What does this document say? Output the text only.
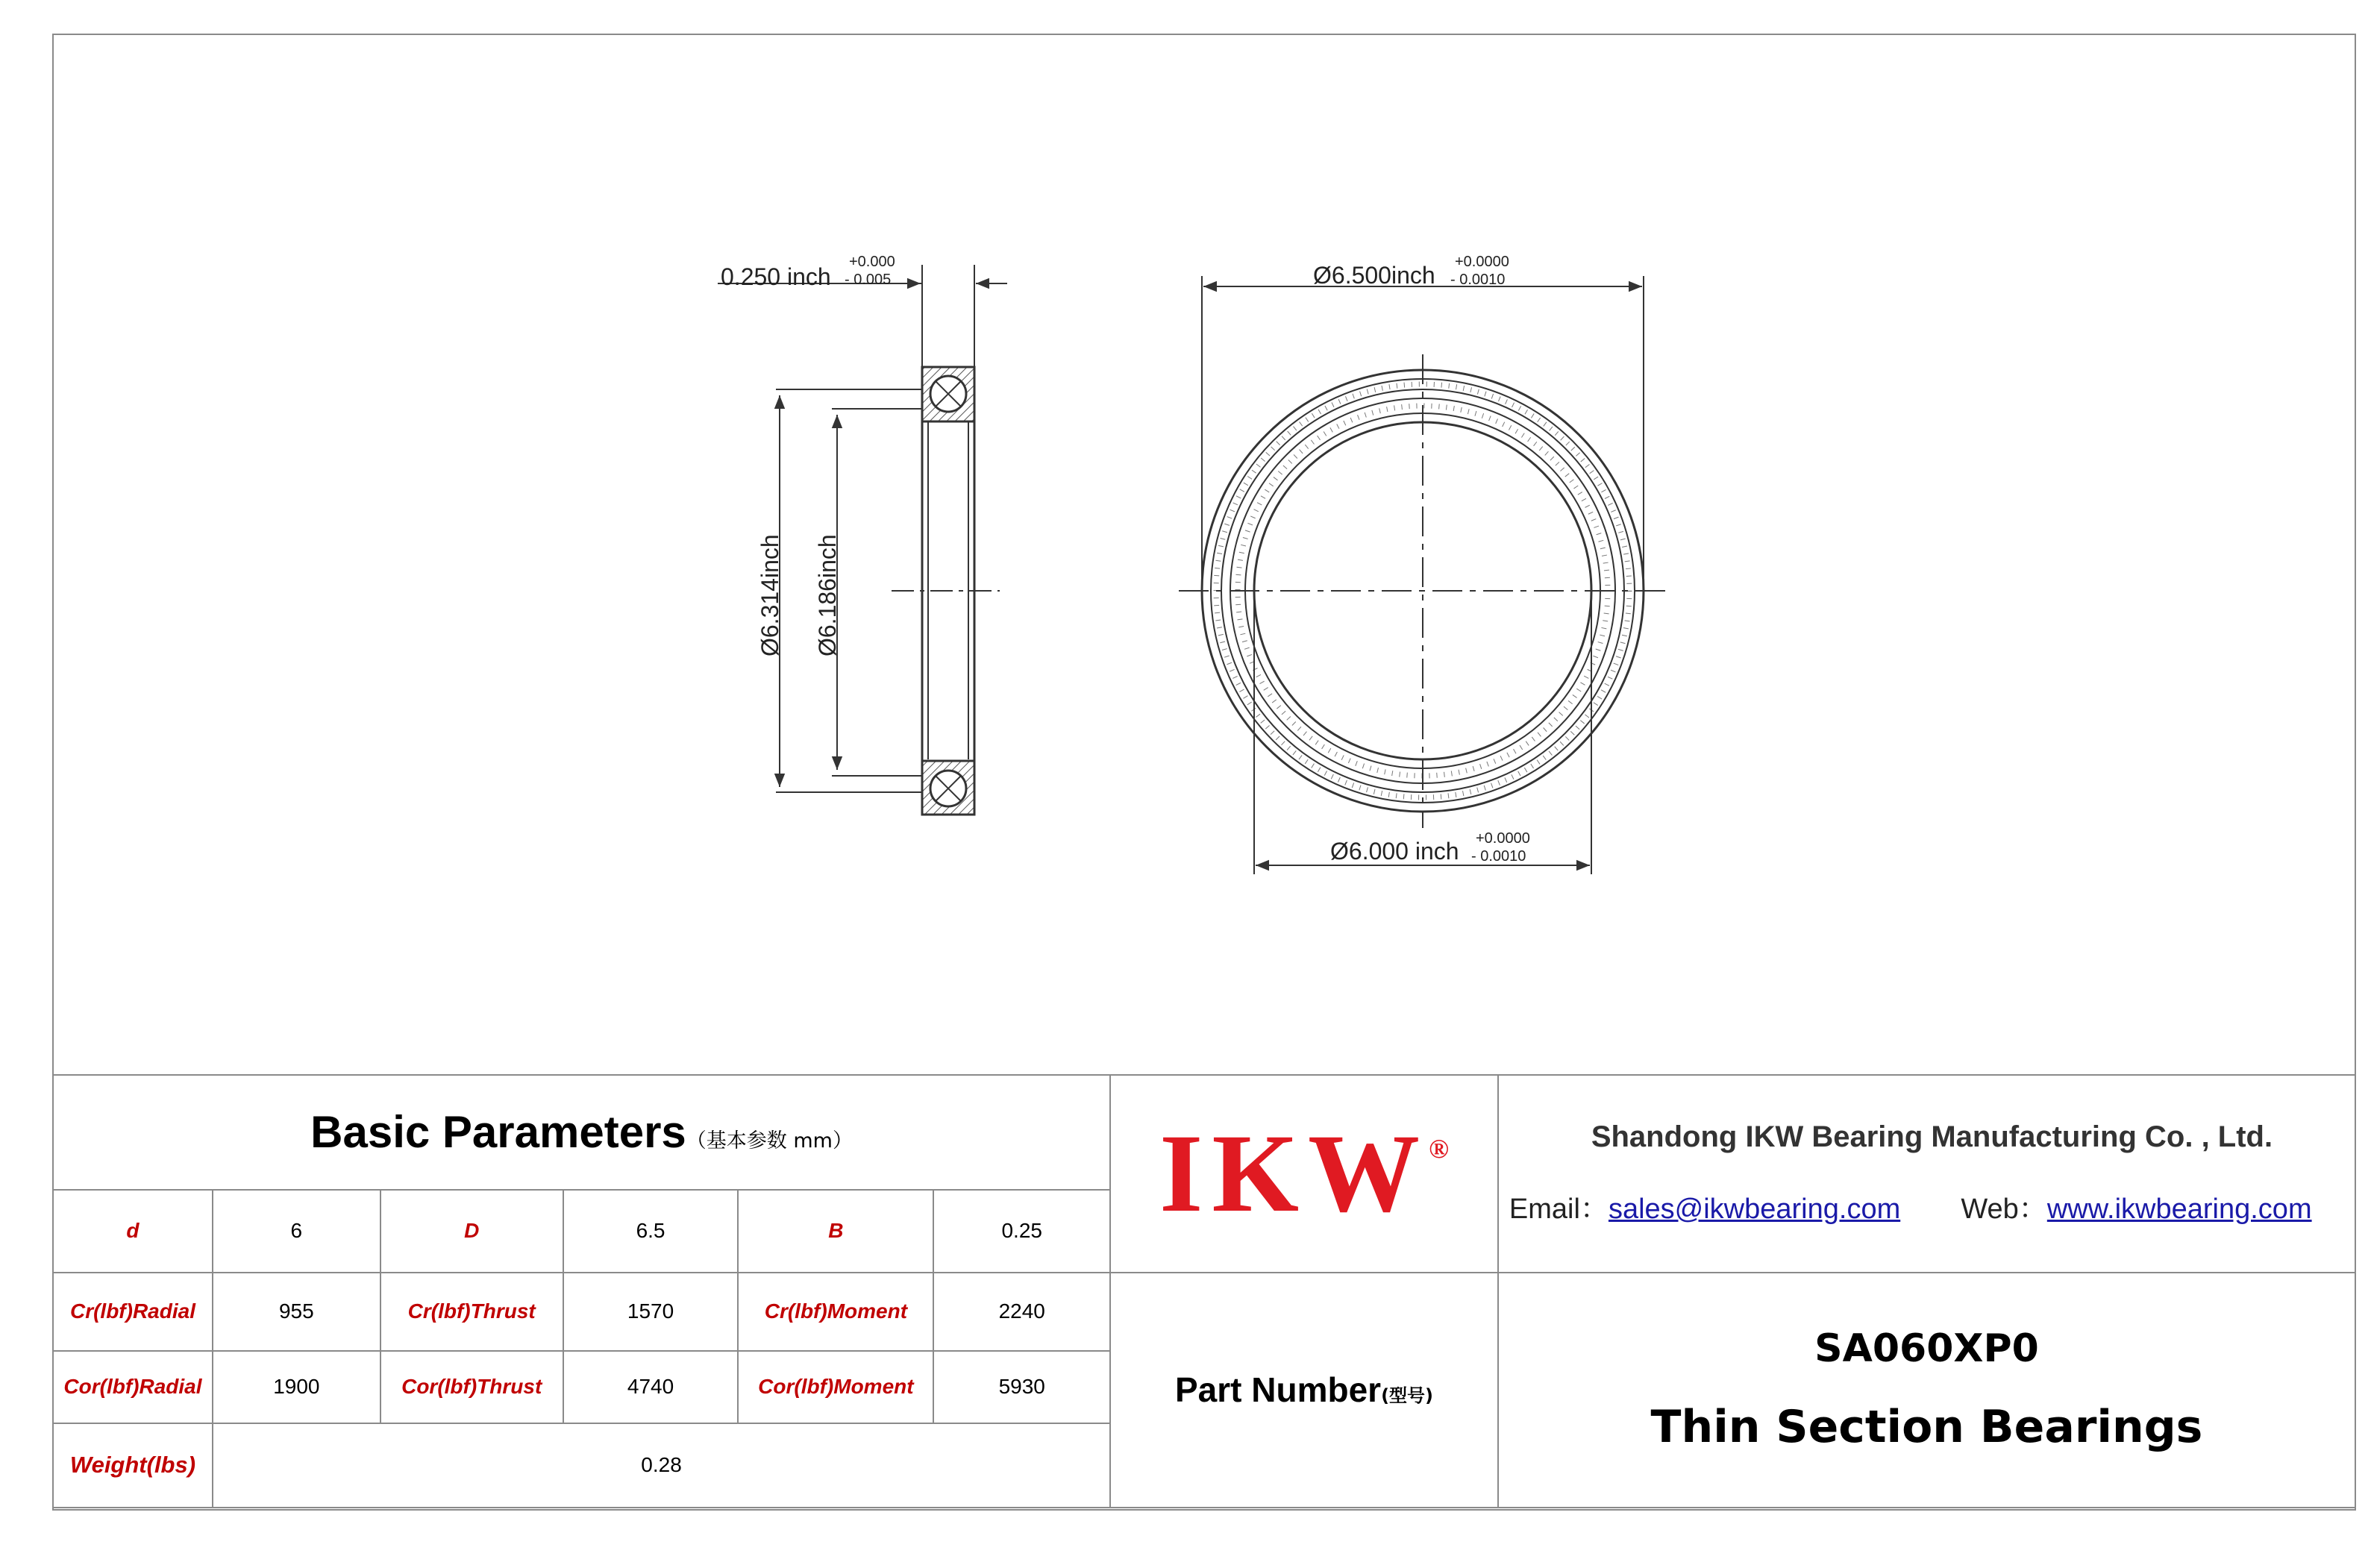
0.250 inch
+0.000
- 0.005
Ø6.314inch Ø6.186inch
Ø6.500inch +0.0000
- 0.0010
Ø6.000 inch +0.0000
- 0.0010
Basic Parameters（基本参数 mm）						IKW®	Shandong IKW Bearing Manufacturing Co. , Ltd.
Email：sales@ikwbearing.com Web：www.ikwbearing.com

d	6	D	6.5	B	0.25		
Cr(lbf)Radial	955	Cr(lbf)Thrust	1570	Cr(lbf)Moment	2240	Part Number(型号)	SA060XP0
Thin Section Bearings

Cor(lbf)Radial	1900	Cor(lbf)Thrust	4740	Cor(lbf)Moment	5930		
Weight(lbs)	0.28						
